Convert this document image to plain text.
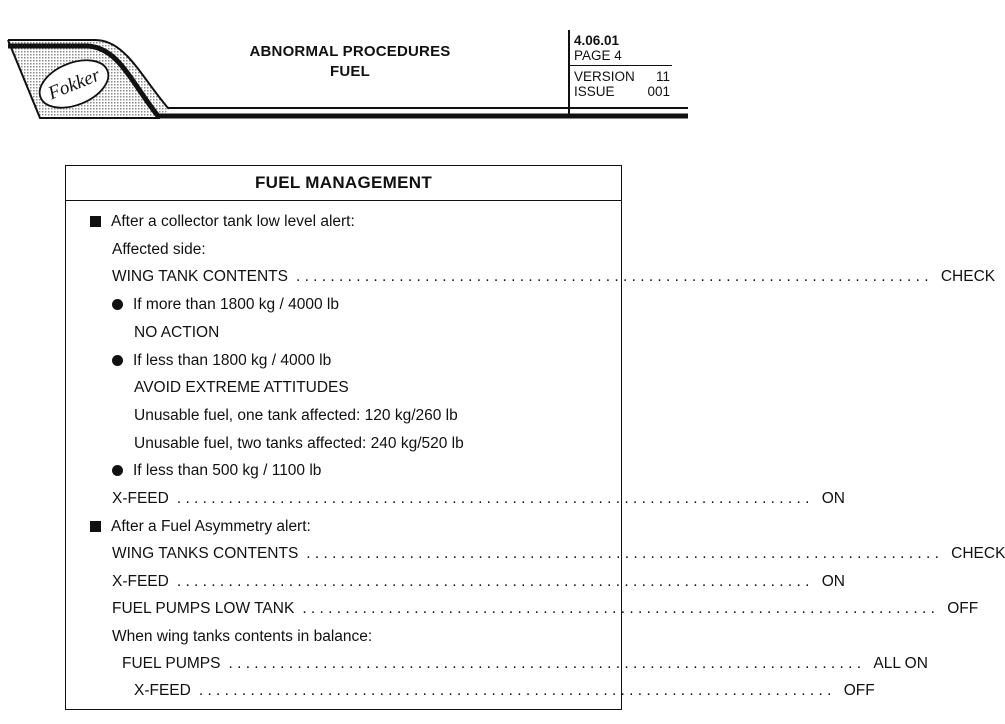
Fokker
ABNORMAL PROCEDURES
FUEL
4.06.01
PAGE 4
VERSION 11
ISSUE 001
FUEL MANAGEMENT
After a collector tank low level alert:
Affected side:
WING TANK CONTENTS .......................................................................... CHECK
If more than 1800 kg / 4000 lb
NO ACTION
If less than 1800 kg / 4000 lb
AVOID EXTREME ATTITUDES
Unusable fuel, one tank affected: 120 kg/260 lb
Unusable fuel, two tanks affected: 240 kg/520 lb
If less than 500 kg / 1100 lb
X-FEED .......................................................................... ON
After a Fuel Asymmetry alert:
WING TANKS CONTENTS .......................................................................... CHECK
X-FEED .......................................................................... ON
FUEL PUMPS LOW TANK .......................................................................... OFF
When wing tanks contents in balance:
FUEL PUMPS .......................................................................... ALL ON
X-FEED .......................................................................... OFF
